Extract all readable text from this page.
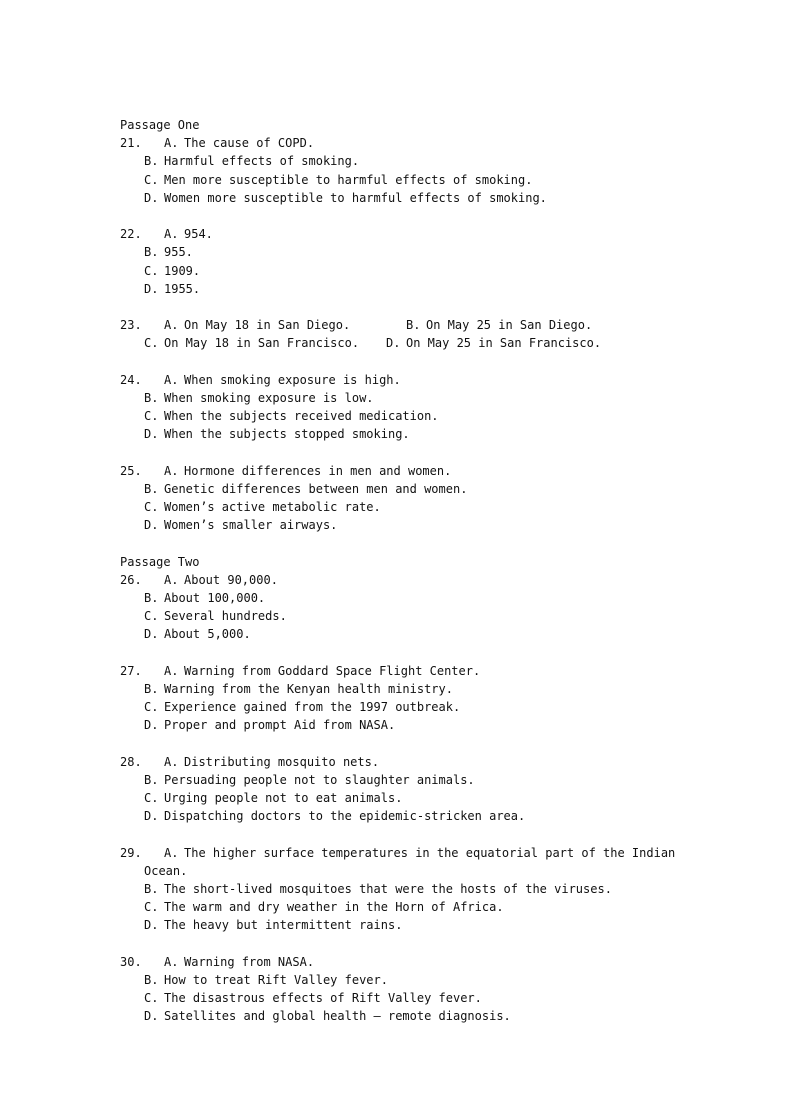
Passage One
21. A. The cause of COPD.
B. Harmful effects of smoking.
C. Men more susceptible to harmful effects of smoking.
D. Women more susceptible to harmful effects of smoking.
22. A. 954.
B. 955.
C. 1909.
D. 1955.
23. A. On May 18 in San Diego.	B. On May 25 in San Diego.
C. On May 18 in San Francisco. D. On May 25 in San Francisco.
24. A. When smoking exposure is high.
B. When smoking exposure is low.
C. When the subjects received medication.
D. When the subjects stopped smoking.
25. A. Hormone differences in men and women.
B. Genetic differences between men and women.
C. Women’s active metabolic rate.
D. Women’s smaller airways.
Passage Two
26. A. About 90,000.
B. About 100,000.
C. Several hundreds.
D. About 5,000.
27. A. Warning from Goddard Space Flight Center.
B. Warning from the Kenyan health ministry.
C. Experience gained from the 1997 outbreak.
D. Proper and prompt Aid from NASA.
28. A. Distributing mosquito nets.
B. Persuading people not to slaughter animals.
C. Urging people not to eat animals.
D. Dispatching doctors to the epidemic-stricken area.
29. A. The higher surface temperatures in the equatorial part of the Indian
Ocean.
B. The short-lived mosquitoes that were the hosts of the viruses.
C. The warm and dry weather in the Horn of Africa.
D. The heavy but intermittent rains.
30. A. Warning from NASA.
B. How to treat Rift Valley fever.
C. The disastrous effects of Rift Valley fever.
D. Satellites and global health — remote diagnosis.
